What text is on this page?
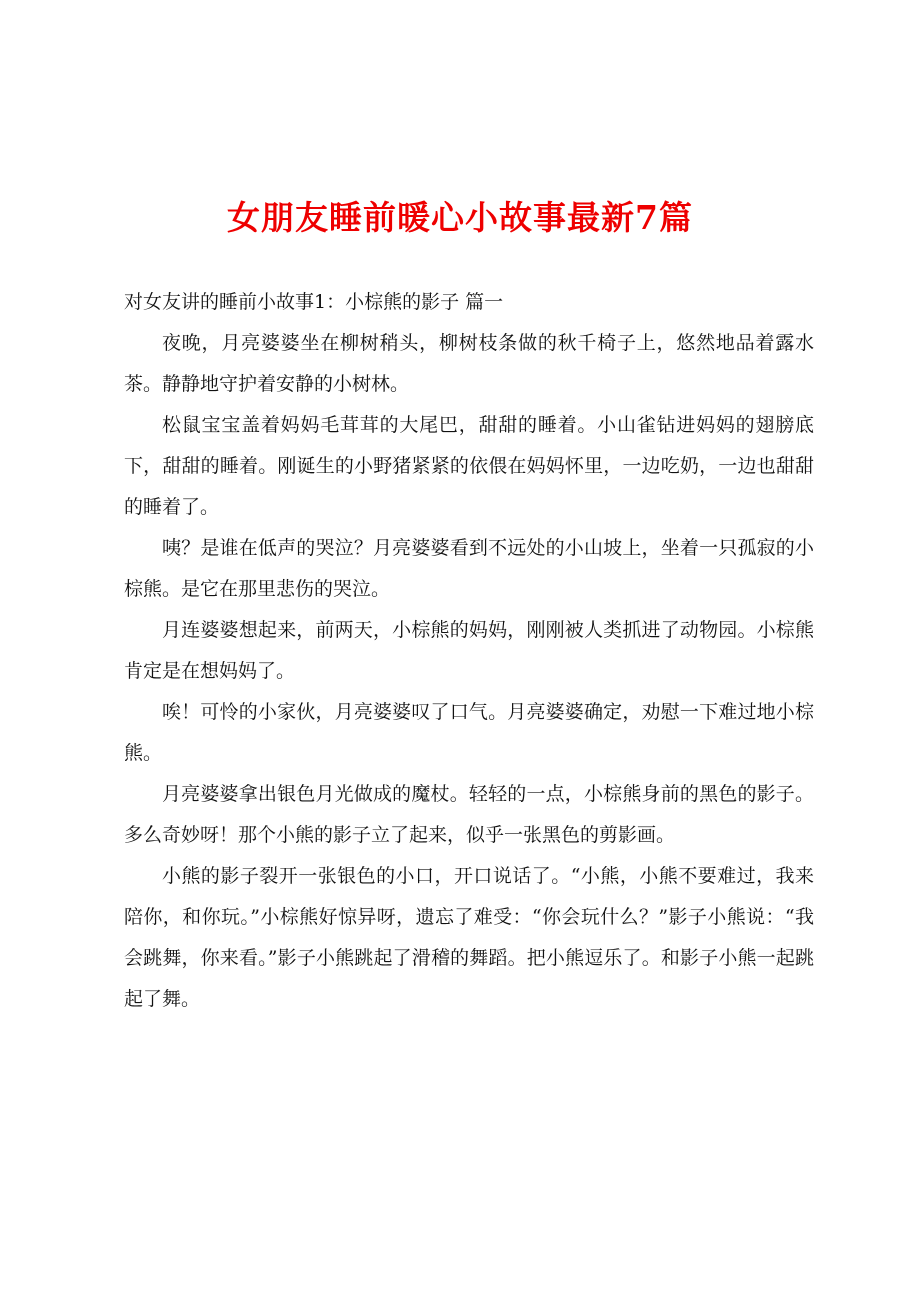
女朋友睡前暖心小故事最新7篇
对女友讲的睡前小故事1：小棕熊的影子 篇一

夜晚，月亮婆婆坐在柳树稍头，柳树枝条做的秋千椅子上，悠然地品着露水茶。静静地守护着安静的小树林。

松鼠宝宝盖着妈妈毛茸茸的大尾巴，甜甜的睡着。小山雀钻进妈妈的翅膀底下，甜甜的睡着。刚诞生的小野猪紧紧的依偎在妈妈怀里，一边吃奶，一边也甜甜的睡着了。

咦？是谁在低声的哭泣？月亮婆婆看到不远处的小山坡上，坐着一只孤寂的小棕熊。是它在那里悲伤的哭泣。

月连婆婆想起来，前两天，小棕熊的妈妈，刚刚被人类抓进了动物园。小棕熊肯定是在想妈妈了。

唉！可怜的小家伙，月亮婆婆叹了口气。月亮婆婆确定，劝慰一下难过地小棕熊。

月亮婆婆拿出银色月光做成的魔杖。轻轻的一点，小棕熊身前的黑色的影子。多么奇妙呀！那个小熊的影子立了起来，似乎一张黑色的剪影画。

小熊的影子裂开一张银色的小口，开口说话了。“小熊，小熊不要难过，我来陪你，和你玩。”小棕熊好惊异呀，遗忘了难受：“你会玩什么？”影子小熊说：“我会跳舞，你来看。”影子小熊跳起了滑稽的舞蹈。把小熊逗乐了。和影子小熊一起跳起了舞。
